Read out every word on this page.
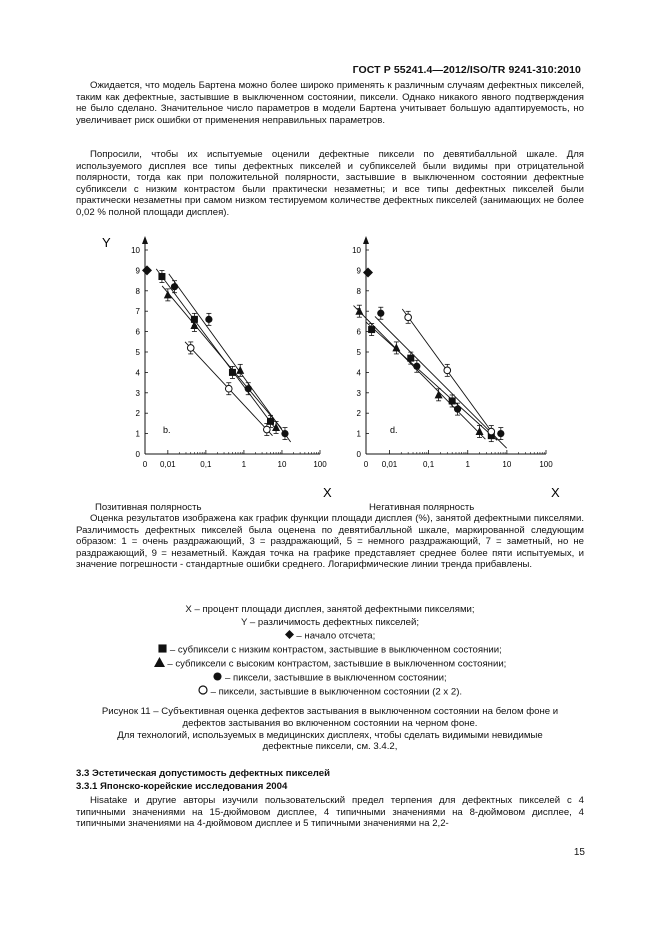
ГОСТ Р 55241.4—2012/ISO/TR 9241-310:2010

Ожидается, что модель Бартена можно более широко применять к различным случаям дефектных пикселей, таким как дефектные, застывшие в выключенном состоянии, пиксели. Однако никакого явного подтверждения не было сделано. Значительное число параметров в модели Бартена учитывает большую адаптируемость, но увеличивает риск ошибки от применения неправильных параметров.

Попросили, чтобы их испытуемые оценили дефектные пиксели по девятибалльной шкале. Для используемого дисплея все типы дефектных пикселей и субпикселей были видимы при отрицательной полярности, тогда как при положительной полярности, застывшие в выключенном состоянии дефектные субпиксели с низким контрастом были практически незаметны; и все типы дефектных пикселей были практически незаметны при самом низком тестируемом количестве дефектных пикселей (занимающих не более 0,02 % полной площади дисплея).

Y
X
b.
0
1
2
3
4
5
6
7
8
9
10
0 0,01	0,1	1	10	100
d.
X
0
1
2
3
4
5
6
8
9
10
0 0,01	0,1	1	10	100
Позитивная полярность	Негативная полярность

Оценка результатов изображена как график функции площади дисплея (%), занятой дефектными пикселями. Различимость дефектных пикселей была оценена по девятибалльной шкале, маркированной следующим образом: 1 = очень раздражающий, 3 = раздражающий, 5 = немного раздражающий, 7 = заметный, но не раздражающий, 9 = незаметный. Каждая точка на графике представляет среднее более пяти испытуемых, и значение погрешности - стандартные ошибки среднего. Логарифмические линии тренда прибавлены.

X – процент площади дисплея, занятой дефектными пикселями;
Y – различимость дефектных пикселей;
– начало отсчета;
– субпиксели с низким контрастом, застывшие в выключенном состоянии;
– субпиксели с высоким контрастом, застывшие в выключенном состоянии;
– пиксели, застывшие в выключенном состоянии;
– пиксели, застывшие в выключенном состоянии (2 х 2).
Рисунок 11 – Субъективная оценка дефектов застывания в выключенном состоянии на белом фоне и
дефектов застывания во включенном состоянии на черном фоне.
Для технологий, используемых в медицинских дисплеях, чтобы сделать видимыми невидимые
дефектные пиксели, см. 3.4.2,
3.3 Эстетическая допустимость дефектных пикселей
3.3.1 Японско-корейские исследования 2004

Hisatake и другие авторы изучили пользовательский предел терпения для дефектных пикселей с 4 типичными значениями на 15-дюймовом дисплее, 4 типичными значениями на 8-дюймовом дисплее, 4 типичными значениями на 4-дюймовом дисплее и 5 типичными значениями на 2,2-

15
